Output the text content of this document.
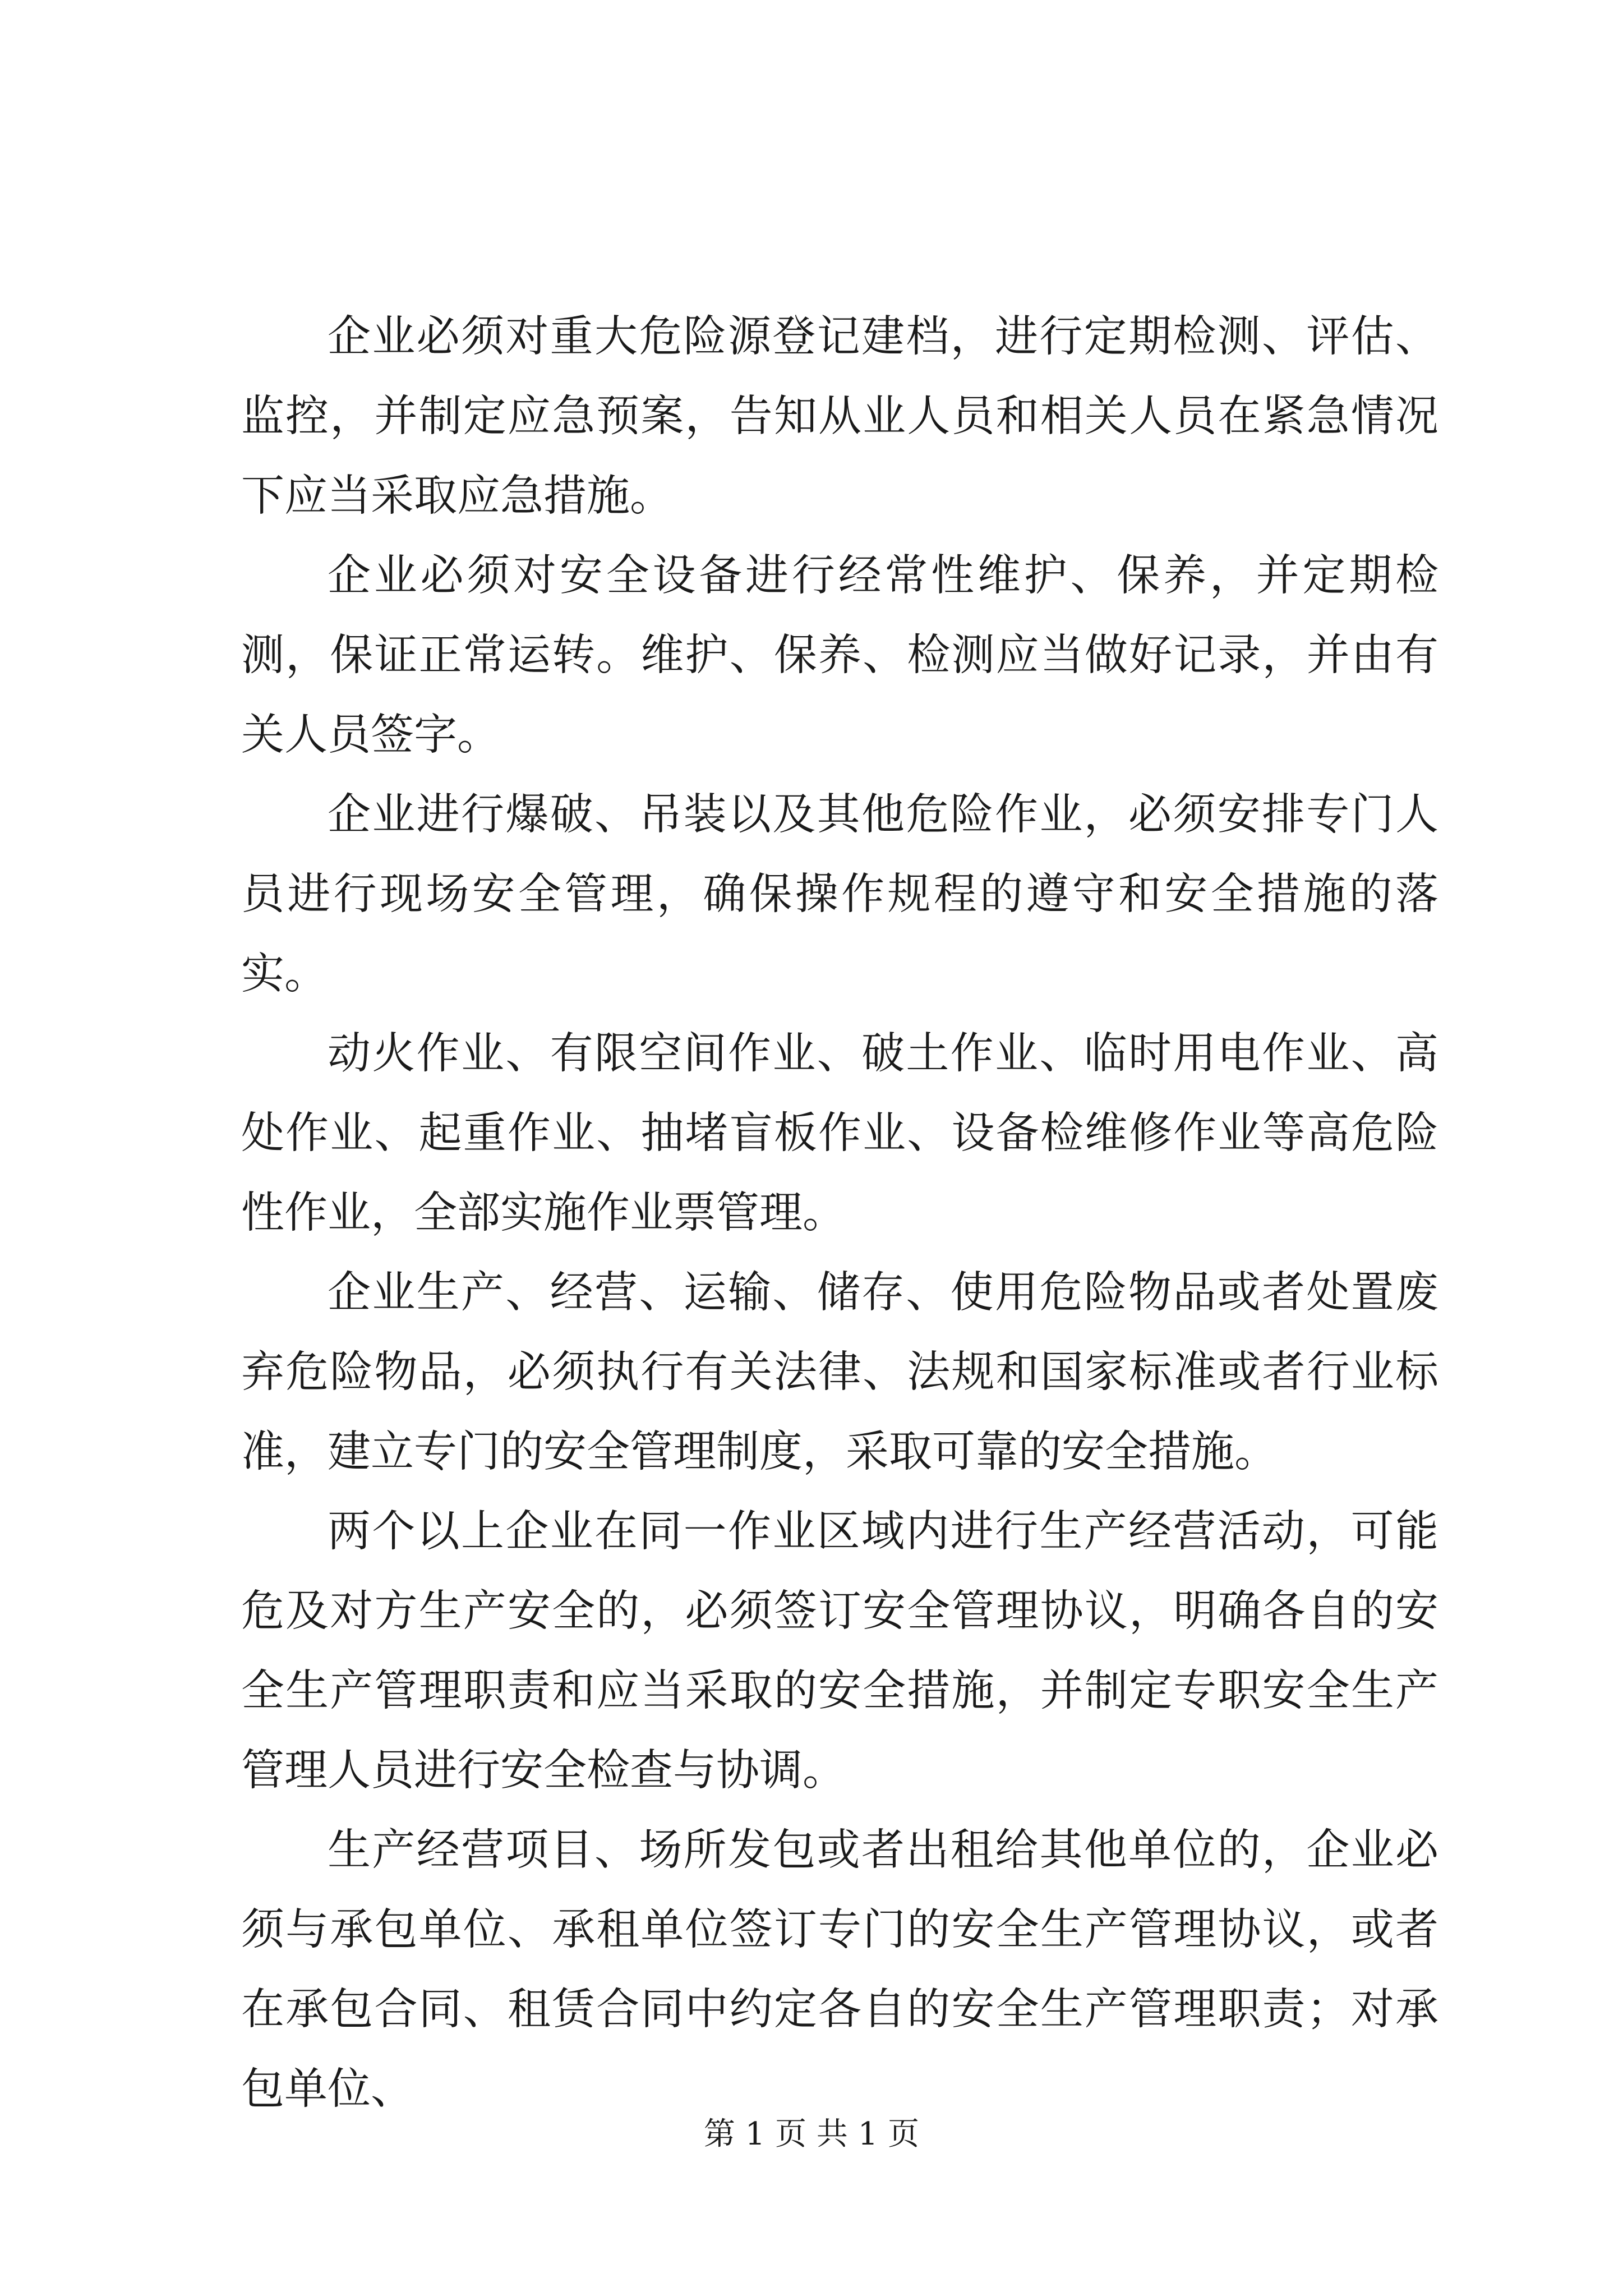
企业必须对重大危险源登记建档，进行定期检测、评估、监控，并制定应急预案，告知从业人员和相关人员在紧急情况下应当采取应急措施。

企业必须对安全设备进行经常性维护、保养，并定期检测，保证正常运转。维护、保养、检测应当做好记录，并由有关人员签字。

企业进行爆破、吊装以及其他危险作业，必须安排专门人员进行现场安全管理，确保操作规程的遵守和安全措施的落实。

动火作业、有限空间作业、破土作业、临时用电作业、高处作业、起重作业、抽堵盲板作业、设备检维修作业等高危险性作业，全部实施作业票管理。

企业生产、经营、运输、储存、使用危险物品或者处置废弃危险物品，必须执行有关法律、法规和国家标准或者行业标准，建立专门的安全管理制度，采取可靠的安全措施。

两个以上企业在同一作业区域内进行生产经营活动，可能危及对方生产安全的，必须签订安全管理协议，明确各自的安全生产管理职责和应当采取的安全措施，并制定专职安全生产管理人员进行安全检查与协调。

生产经营项目、场所发包或者出租给其他单位的，企业必须与承包单位、承租单位签订专门的安全生产管理协议，或者在承包合同、租赁合同中约定各自的安全生产管理职责；对承包单位、

第 1 页 共 1 页
